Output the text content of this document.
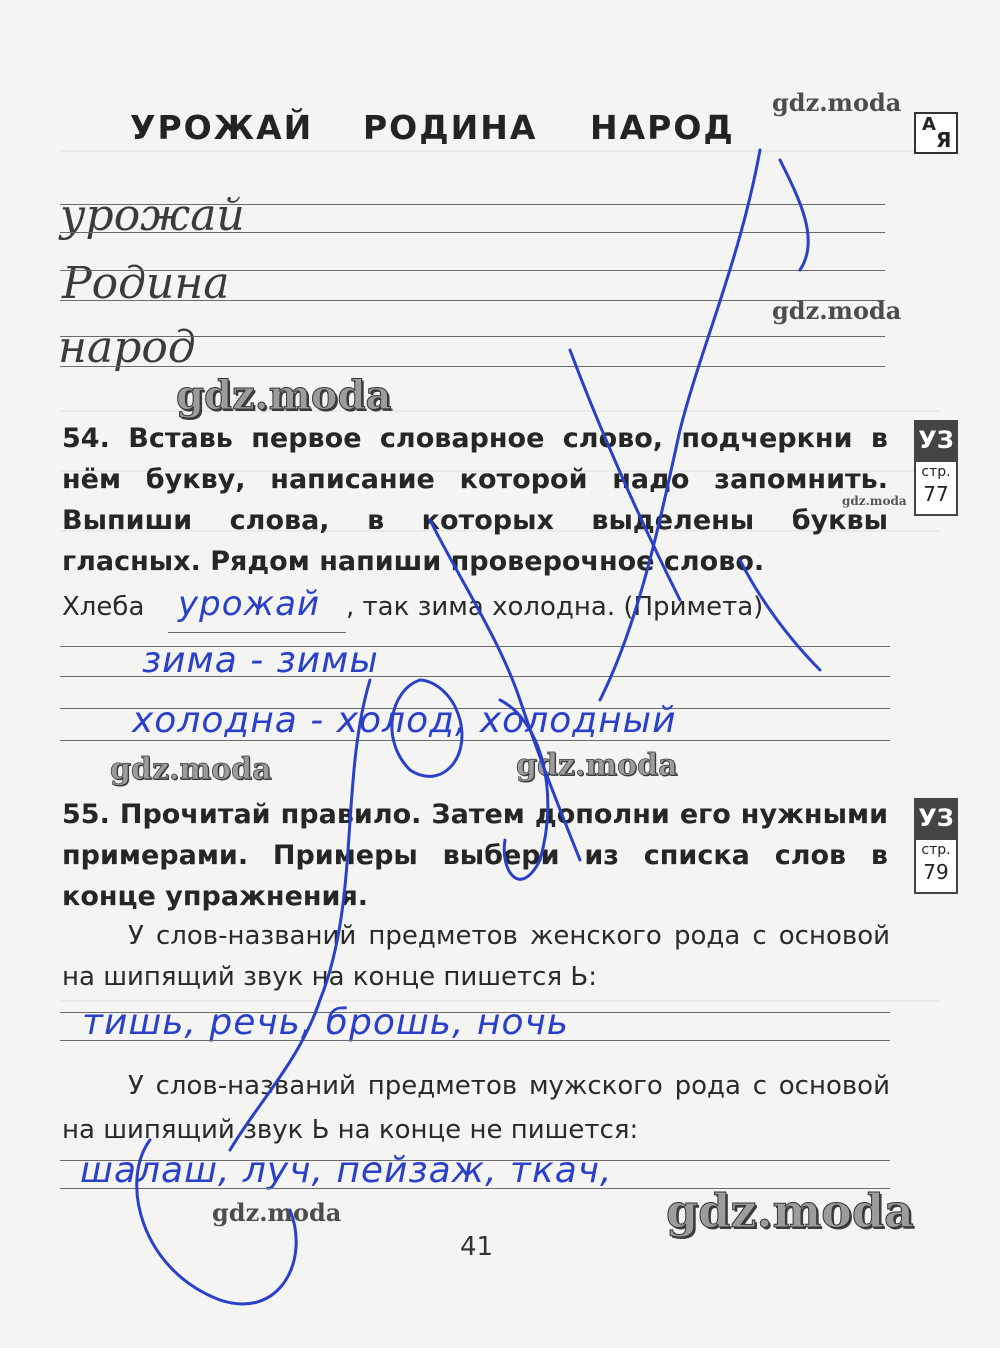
УРОЖАЙ РОДИНА НАРОД	А
Я
урожай
Родина
народ
gdz.moda
gdz.moda
gdz.moda
gdz.moda
gdz.moda	gdz.moda
gdz.moda	gdz.moda
54. Вставь первое словарное слово, подчеркни в нём букву, написание которой надо запомнить. Выпиши слова, в которых выделены буквы гласных. Рядом напиши проверочное слово.
УЗ
стр.
77
Хлеба урожай , так зима холодна. (Примета)
зима - зимы
холодна - холод, холодный
55. Прочитай правило. Затем дополни его нужными примерами. Примеры выбери из списка слов в конце упражнения.
УЗ
стр.
79
У слов-названий предметов женского рода с основой на шипящий звук на конце пишется Ь:
тишь, речь, брошь, ночь
У слов-названий предметов мужского рода с основой на шипящий звук Ь на конце не пишется:
шалаш, луч, пейзаж, ткач,
41
